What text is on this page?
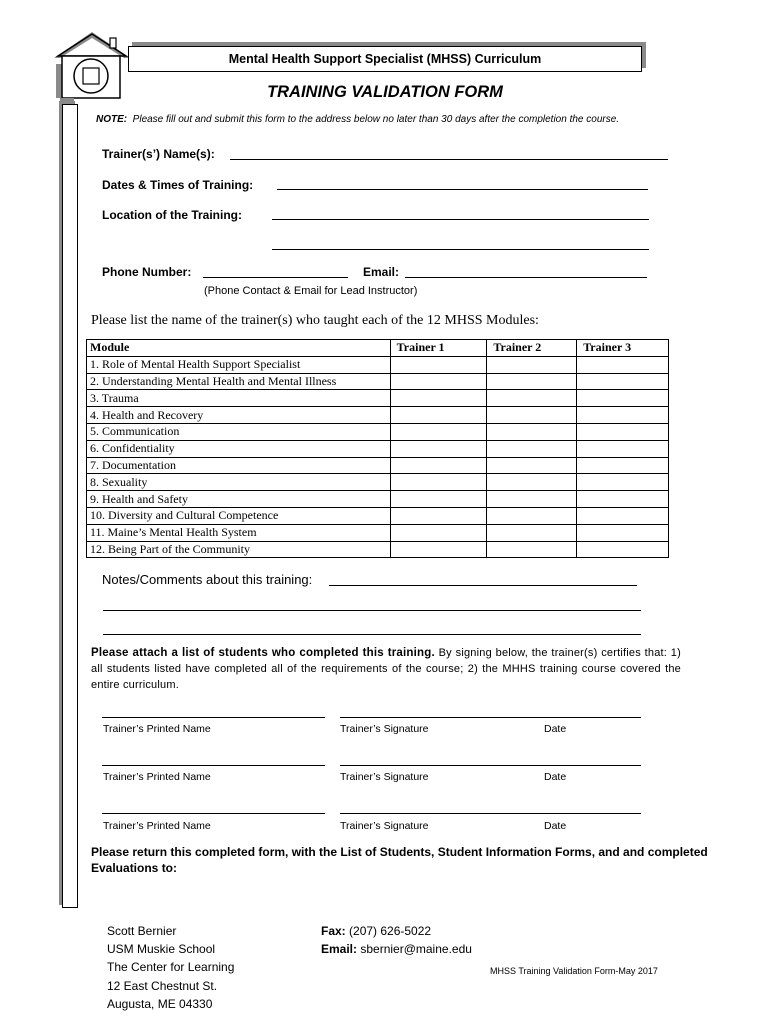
Mental Health Support Specialist (MHSS) Curriculum
TRAINING VALIDATION FORM
NOTE: Please fill out and submit this form to the address below no later than 30 days after the completion the course.
Trainer(s’) Name(s):
Dates & Times of Training:
Location of the Training:
Phone Number:	Email:
(Phone Contact & Email for Lead Instructor)
Please list the name of the trainer(s) who taught each of the 12 MHSS Modules:
Module	Trainer 1	Trainer 2	Trainer 3
1. Role of Mental Health Support Specialist			
2. Understanding Mental Health and Mental Illness			
3. Trauma			
4. Health and Recovery			
5. Communication			
6. Confidentiality			
7. Documentation			
8. Sexuality			
9. Health and Safety			
10. Diversity and Cultural Competence			
11. Maine’s Mental Health System			
12. Being Part of the Community			
Notes/Comments about this training:
Please attach a list of students who completed this training. By signing below, the trainer(s) certifies that: 1) all students listed have completed all of the requirements of the course; 2) the MHHS training course covered the entire curriculum.
Trainer’s Printed Name	Trainer’s Signature	Date
Trainer’s Printed Name	Trainer’s Signature	Date
Trainer’s Printed Name	Trainer’s Signature	Date
Please return this completed form, with the List of Students, Student Information Forms, and and completed Evaluations to:
Scott Bernier
USM Muskie School
The Center for Learning
12 East Chestnut St.
Augusta, ME 04330
Fax: (207) 626-5022
Email: sbernier@maine.edu
MHSS Training Validation Form-May 2017
